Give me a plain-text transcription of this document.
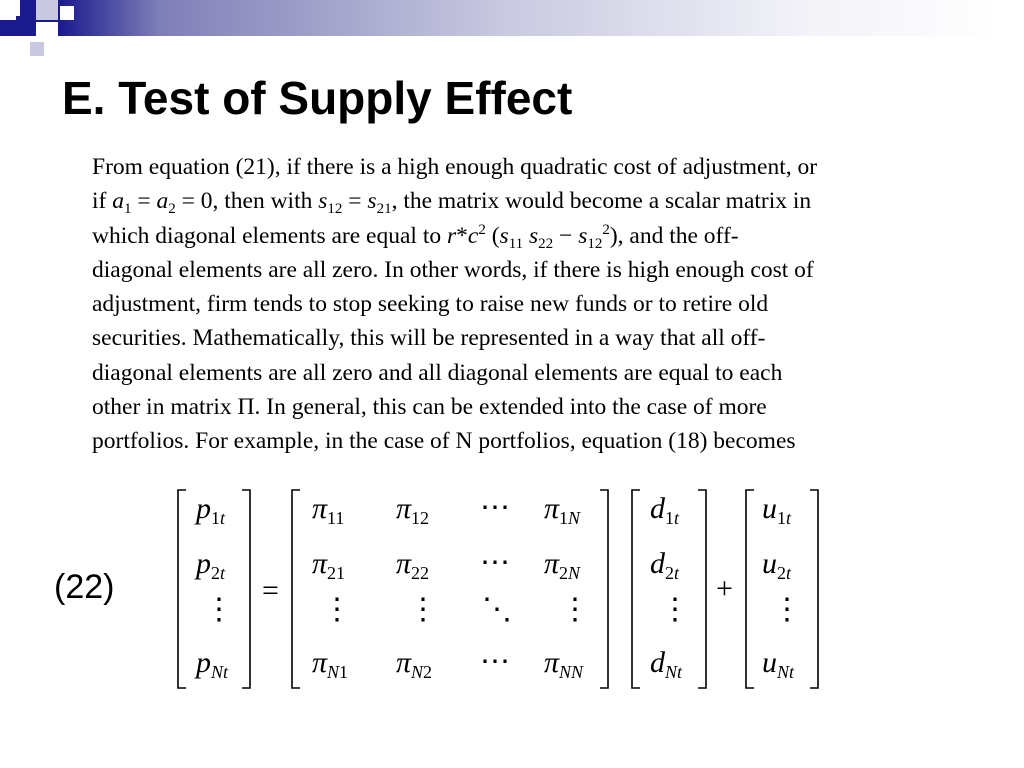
E. Test of Supply Effect

From equation (21), if there is a high enough quadratic cost of adjustment, or

if $a_1 = a_2 = 0$, then with $s_{12} = s_{21}$, the matrix would become a scalar matrix in

which diagonal elements are equal to $r*c^2$ ($s_{11}$ $s_{22} - s_{12}^2$), and the off-

diagonal elements are all zero. In other words, if there is high enough cost of

adjustment, firm tends to stop seeking to raise new funds or to retire old

securities. Mathematically, this will be represented in a way that all off-

diagonal elements are all zero and all diagonal elements are equal to each

other in matrix Π. In general, this can be extended into the case of more

portfolios. For example, in the case of N portfolios, equation (18) becomes

(22)
$p_{1t}$
$p_{2t}$
⋮
$p_{Nt}$
=
$\pi_{11}$ $\pi_{12}$ ⋯ $\pi_{1N}$
$\pi_{21}$ $\pi_{22}$ ⋯ $\pi_{2N}$
⋮ ⋮ ⋱ ⋮
$\pi_{N1}$ $\pi_{N2}$ ⋯ $\pi_{NN}$
$d_{1t}$
$d_{2t}$
⋮
$d_{Nt}$
+
$u_{1t}$
$u_{2t}$
⋮
$u_{Nt}$
